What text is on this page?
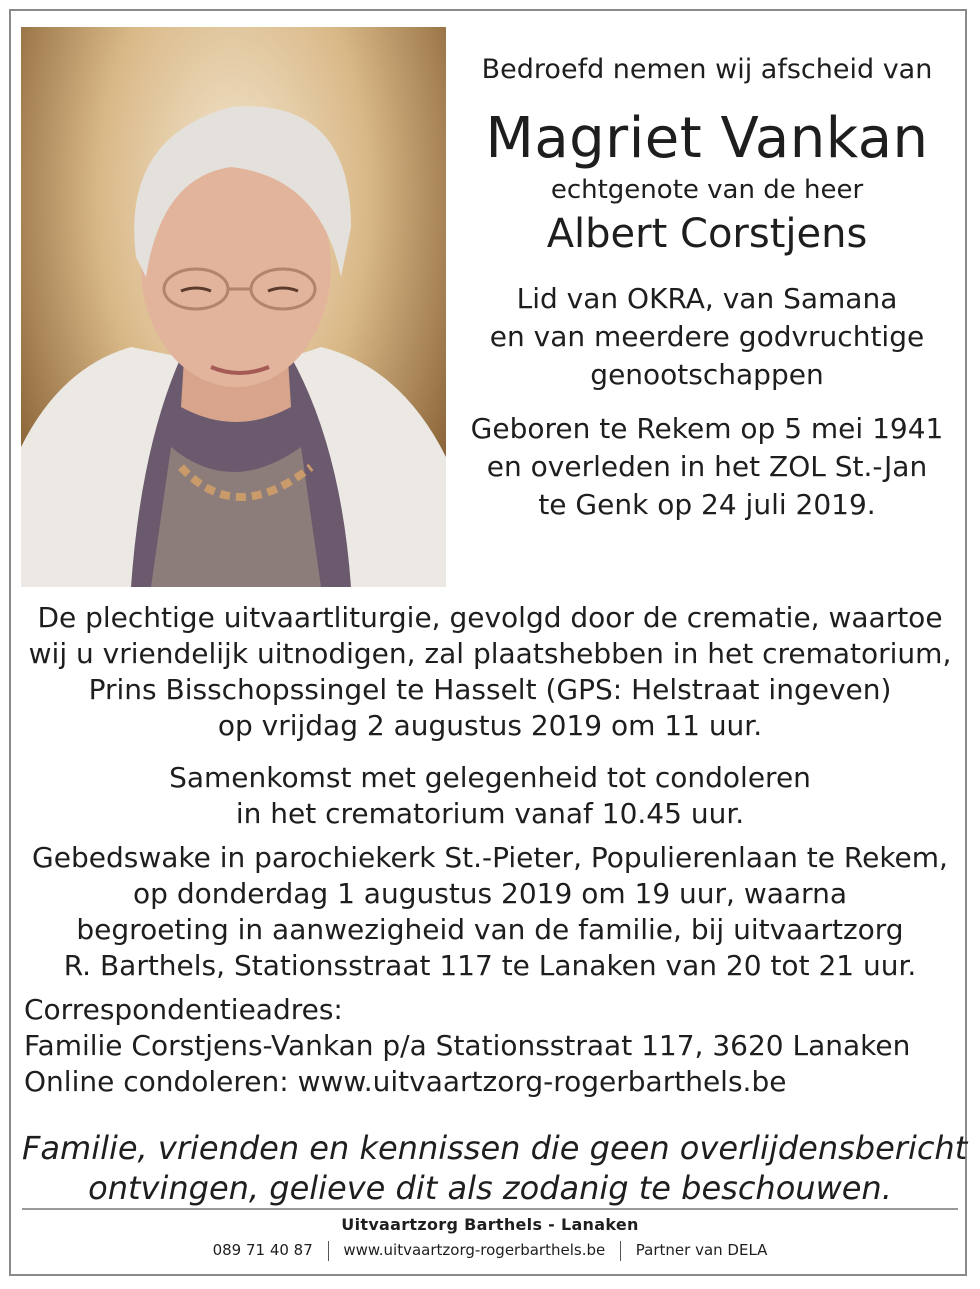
Bedroefd nemen wij afscheid van
Magriet Vankan
echtgenote van de heer
Albert Corstjens
Lid van OKRA, van Samana
en van meerdere godvruchtige
genootschappen
Geboren te Rekem op 5 mei 1941
en overleden in het ZOL St.-Jan
te Genk op 24 juli 2019.
De plechtige uitvaartliturgie, gevolgd door de crematie, waartoe
wij u vriendelijk uitnodigen, zal plaatshebben in het crematorium,
Prins Bisschopssingel te Hasselt (GPS: Helstraat ingeven)
op vrijdag 2 augustus 2019 om 11 uur.
Samenkomst met gelegenheid tot condoleren
in het crematorium vanaf 10.45 uur.
Gebedswake in parochiekerk St.-Pieter, Populierenlaan te Rekem,
op donderdag 1 augustus 2019 om 19 uur, waarna
begroeting in aanwezigheid van de familie, bij uitvaartzorg
R. Barthels, Stationsstraat 117 te Lanaken van 20 tot 21 uur.
Correspondentieadres:
Familie Corstjens-Vankan p/a Stationsstraat 117, 3620 Lanaken
Online condoleren: www.uitvaartzorg-rogerbarthels.be
Familie, vrienden en kennissen die geen overlijdensbericht
ontvingen, gelieve dit als zodanig te beschouwen.
Uitvaartzorg Barthels - Lanaken
089 71 40 87 www.uitvaartzorg-rogerbarthels.be Partner van DELA
